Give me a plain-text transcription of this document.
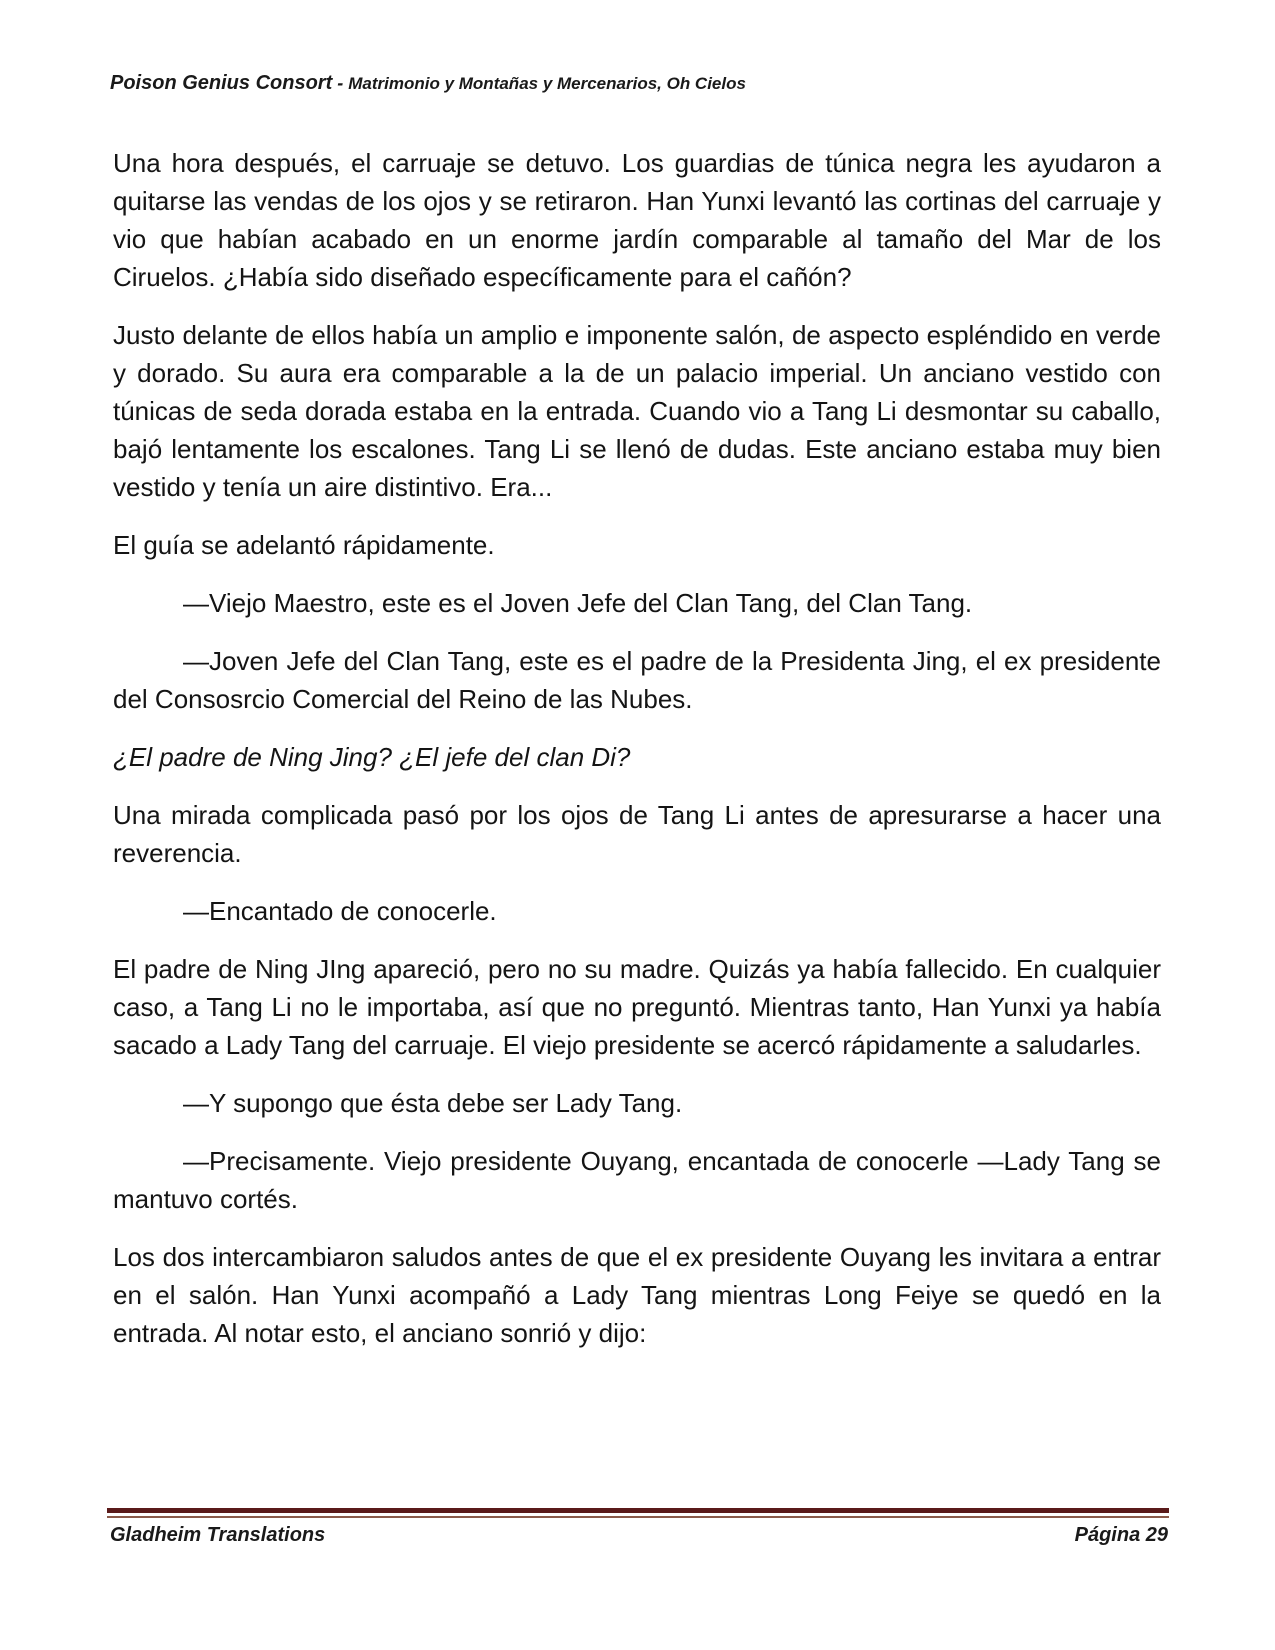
Poison Genius Consort - Matrimonio y Montañas y Mercenarios, Oh Cielos

Una hora después, el carruaje se detuvo. Los guardias de túnica negra les ayudaron a quitarse las vendas de los ojos y se retiraron. Han Yunxi levantó las cortinas del carruaje y vio que habían acabado en un enorme jardín comparable al tamaño del Mar de los Ciruelos. ¿Había sido diseñado específicamente para el cañón?

Justo delante de ellos había un amplio e imponente salón, de aspecto espléndido en verde y dorado. Su aura era comparable a la de un palacio imperial. Un anciano vestido con túnicas de seda dorada estaba en la entrada. Cuando vio a Tang Li desmontar su caballo, bajó lentamente los escalones. Tang Li se llenó de dudas. Este anciano estaba muy bien vestido y tenía un aire distintivo. Era...

El guía se adelantó rápidamente.

—Viejo Maestro, este es el Joven Jefe del Clan Tang, del Clan Tang.

—Joven Jefe del Clan Tang, este es el padre de la Presidenta Jing, el ex presidente del Consosrcio Comercial del Reino de las Nubes.

¿El padre de Ning Jing? ¿El jefe del clan Di?

Una mirada complicada pasó por los ojos de Tang Li antes de apresurarse a hacer una reverencia.

—Encantado de conocerle.

El padre de Ning JIng apareció, pero no su madre. Quizás ya había fallecido. En cualquier caso, a Tang Li no le importaba, así que no preguntó. Mientras tanto, Han Yunxi ya había sacado a Lady Tang del carruaje. El viejo presidente se acercó rápidamente a saludarles.

—Y supongo que ésta debe ser Lady Tang.

—Precisamente. Viejo presidente Ouyang, encantada de conocerle —Lady Tang se mantuvo cortés.

Los dos intercambiaron saludos antes de que el ex presidente Ouyang les invitara a entrar en el salón. Han Yunxi acompañó a Lady Tang mientras Long Feiye se quedó en la entrada. Al notar esto, el anciano sonrió y dijo:

Gladheim Translations	Página 29
